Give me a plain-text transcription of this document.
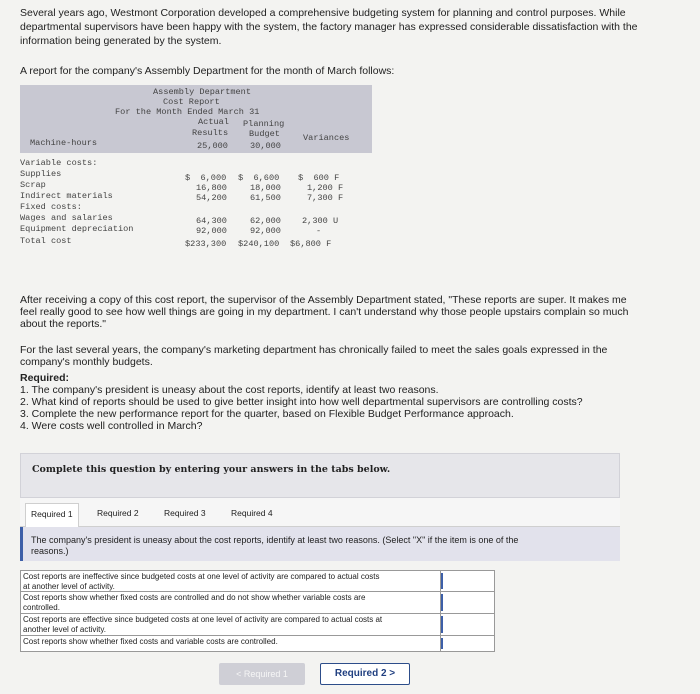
Several years ago, Westmont Corporation developed a comprehensive budgeting system for planning and control purposes. While
departmental supervisors have been happy with the system, the factory manager has expressed considerable dissatisfaction with the
information being generated by the system.
A report for the company's Assembly Department for the month of March follows:
Assembly Department
Cost Report
For the Month Ended March 31
Actual Planning
Results Budget	Variances
Machine-hours	25,000	30,000
Variable costs:
Supplies	$  6,000 $  6,600 $  600 F
Scrap	16,800	18,000	1,200 F
Indirect materials	54,200	61,500	7,300 F
Fixed costs:
Wages and salaries	64,300	62,000 2,300 U
Equipment depreciation	92,000	92,000	-
Total cost	$233,300 $240,100 $6,800 F
After receiving a copy of this cost report, the supervisor of the Assembly Department stated, "These reports are super. It makes me
feel really good to see how well things are going in my department. I can't understand why those people upstairs complain so much
about the reports."
For the last several years, the company's marketing department has chronically failed to meet the sales goals expressed in the
company's monthly budgets.
Required:
1. The company's president is uneasy about the cost reports, identify at least two reasons.
2. What kind of reports should be used to give better insight into how well departmental supervisors are controlling costs?
3. Complete the new performance report for the quarter, based on Flexible Budget Performance approach.
4. Were costs well controlled in March?
Complete this question by entering your answers in the tabs below.
Required 1	Required 2	Required 3	Required 4
The company's president is uneasy about the cost reports, identify at least two reasons. (Select "X" if the item is one of the
reasons.)
Cost reports are ineffective since budgeted costs at one level of activity are compared to actual costs
at another level of activity.
Cost reports show whether fixed costs are controlled and do not show whether variable costs are
controlled.
Cost reports are effective since budgeted costs at one level of activity are compared to actual costs at
another level of activity.
Cost reports show whether fixed costs and variable costs are controlled.
< Required 1	Required 2 >
